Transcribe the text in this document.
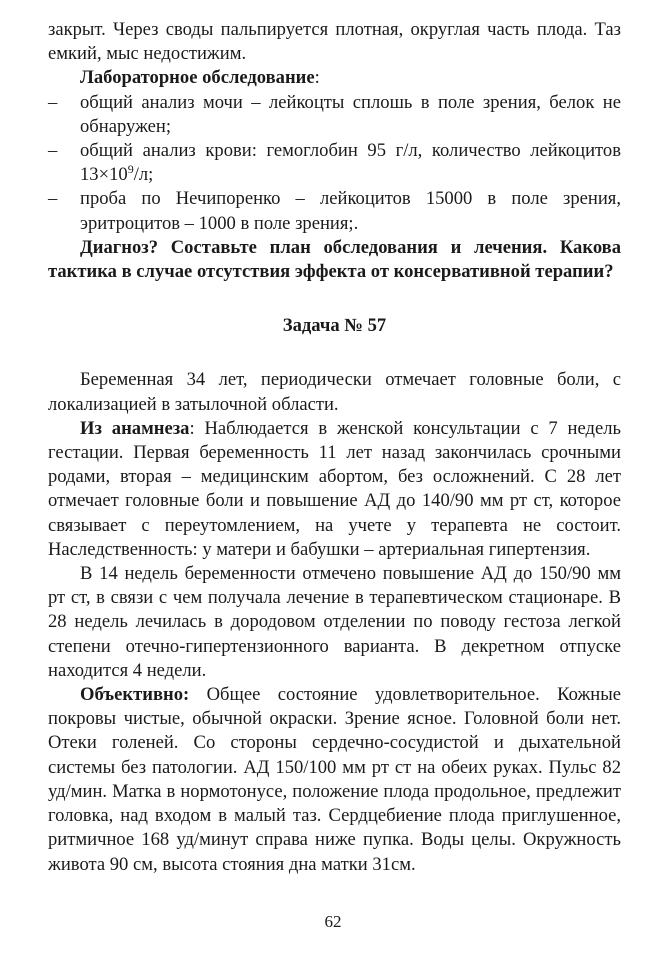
закрыт. Через своды пальпируется плотная, округлая часть плода. Таз емкий, мыс недостижим.

Лабораторное обследование:

– общий анализ мочи – лейкоцты сплошь в поле зрения, белок не обнаружен;
– общий анализ крови: гемоглобин 95 г/л, количество лейкоцитов $13\times 10^9/л$;
– проба по Нечипоренко – лейкоцитов 15000 в поле зрения, эритроцитов – 1000 в поле зрения;.

Диагноз? Составьте план обследования и лечения. Какова тактика в случае отсутствия эффекта от консервативной терапии?

Задача № 57

Беременная 34 лет, периодически отмечает головные боли, с локализацией в затылочной области.

Из анамнеза: Наблюдается в женской консультации с 7 недель гестации. Первая беременность 11 лет назад закончилась срочными родами, вторая – медицинским абортом, без осложнений. С 28 лет отмечает головные боли и повышение АД до 140/90 мм рт ст, которое связывает с переутомлением, на учете у терапевта не состоит. Наследственность: у матери и бабушки – артериальная гипертензия.

В 14 недель беременности отмечено повышение АД до 150/90 мм рт ст, в связи с чем получала лечение в терапевтическом стационаре. В 28 недель лечилась в дородовом отделении по поводу гестоза легкой степени отечно-гипертензионного варианта. В декретном отпуске находится 4 недели.

Объективно: Общее состояние удовлетворительное. Кожные покровы чистые, обычной окраски. Зрение ясное. Головной боли нет. Отеки голеней. Со стороны сердечно-сосудистой и дыхательной системы без патологии. АД 150/100 мм рт ст на обеих руках. Пульс 82 уд/мин. Матка в нормотонусе, положение плода продольное, предлежит головка, над входом в малый таз. Сердцебиение плода приглушенное, ритмичное 168 уд/минут справа ниже пупка. Воды целы. Окружность живота 90 см, высота стояния дна матки 31см.

62
